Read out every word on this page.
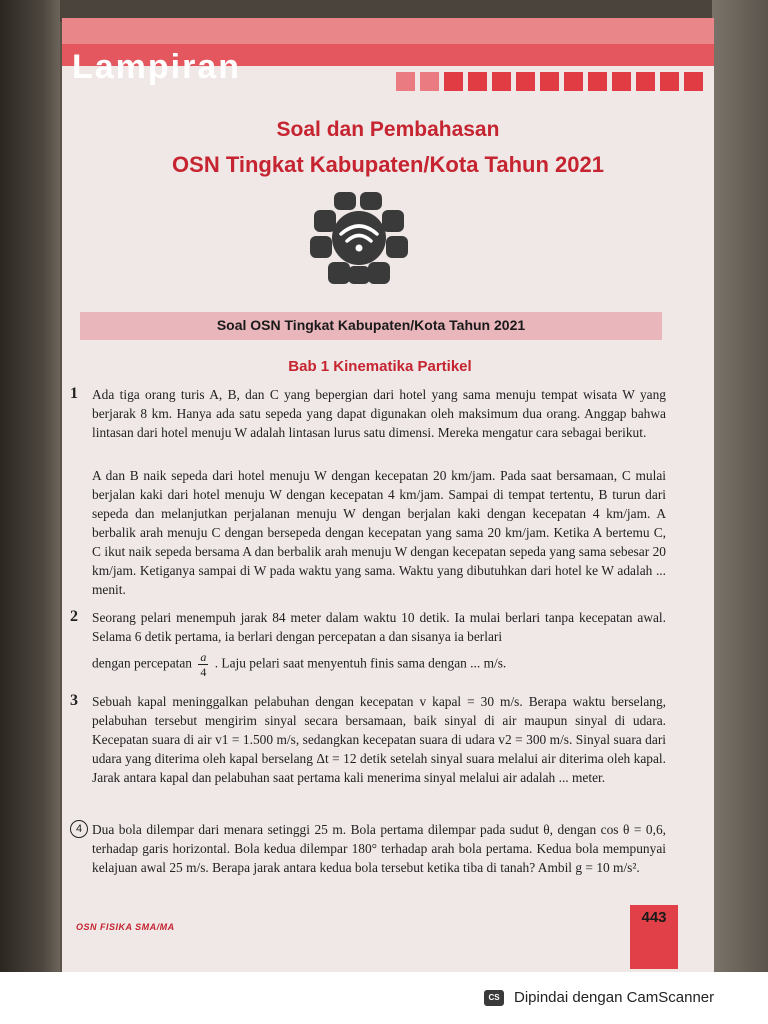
Lampiran
Soal dan Pembahasan
OSN Tingkat Kabupaten/Kota Tahun 2021
Soal OSN Tingkat Kabupaten/Kota Tahun 2021
Bab 1 Kinematika Partikel
1 Ada tiga orang turis A, B, dan C yang bepergian dari hotel yang sama menuju tempat wisata W yang berjarak 8 km. Hanya ada satu sepeda yang dapat digunakan oleh maksimum dua orang. Anggap bahwa lintasan dari hotel menuju W adalah lintasan lurus satu dimensi. Mereka mengatur cara sebagai berikut.

A dan B naik sepeda dari hotel menuju W dengan kecepatan 20 km/jam. Pada saat bersamaan, C mulai berjalan kaki dari hotel menuju W dengan kecepatan 4 km/jam. Sampai di tempat tertentu, B turun dari sepeda dan melanjutkan perjalanan menuju W dengan berjalan kaki dengan kecepatan 4 km/jam. A berbalik arah menuju C dengan bersepeda dengan kecepatan yang sama 20 km/jam. Ketika A bertemu C, C ikut naik sepeda bersama A dan berbalik arah menuju W dengan kecepatan sepeda yang sama sebesar 20 km/jam. Ketiganya sampai di W pada waktu yang sama. Waktu yang dibutuhkan dari hotel ke W adalah ... menit.

2 Seorang pelari menempuh jarak 84 meter dalam waktu 10 detik. Ia mulai berlari tanpa kecepatan awal. Selama 6 detik pertama, ia berlari dengan percepatan a dan sisanya ia berlari

dengan percepatan $\frac{a}{4}$ . Laju pelari saat menyentuh finis sama dengan ... m/s.
3 Sebuah kapal meninggalkan pelabuhan dengan kecepatan v kapal = 30 m/s. Berapa waktu berselang, pelabuhan tersebut mengirim sinyal secara bersamaan, baik sinyal di air maupun sinyal di udara. Kecepatan suara di air v1 = 1.500 m/s, sedangkan kecepatan suara di udara v2 = 300 m/s. Sinyal suara dari udara yang diterima oleh kapal berselang Δt = 12 detik setelah sinyal suara melalui air diterima oleh kapal. Jarak antara kapal dan pelabuhan saat pertama kali menerima sinyal melalui air adalah ... meter.

4 Dua bola dilempar dari menara setinggi 25 m. Bola pertama dilempar pada sudut θ, dengan cos θ = 0,6, terhadap garis horizontal. Bola kedua dilempar 180° terhadap arah bola pertama. Kedua bola mempunyai kelajuan awal 25 m/s. Berapa jarak antara kedua bola tersebut ketika tiba di tanah? Ambil g = 10 m/s².

OSN FISIKA SMA/MA
443
CS Dipindai dengan CamScanner
